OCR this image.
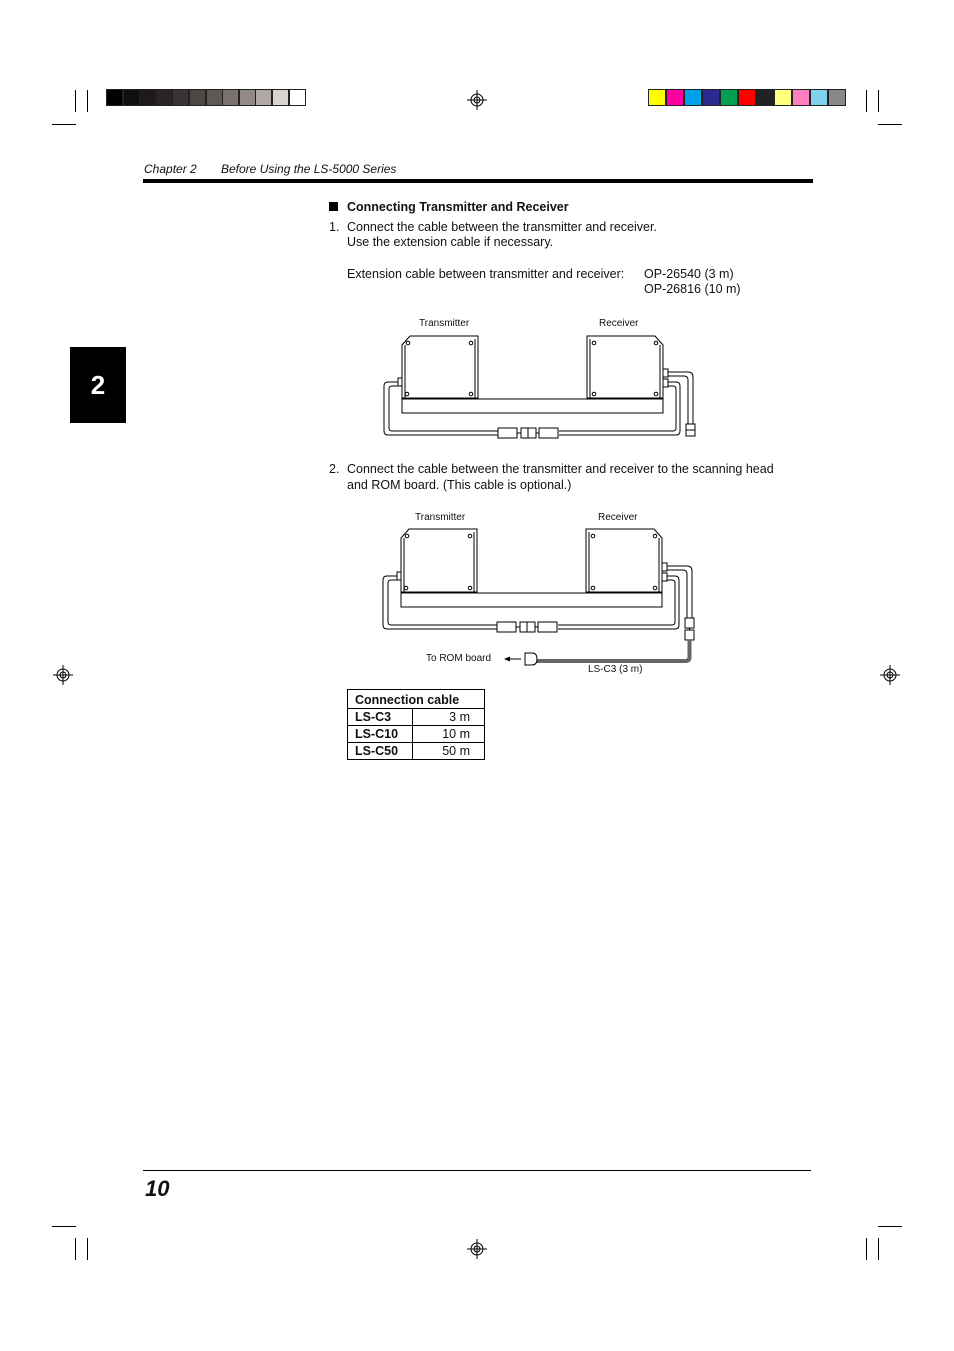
Chapter 2 Before Using the LS-5000 Series
2
Connecting Transmitter and Receiver
1. Connect the cable between the transmitter and receiver.
Use the extension cable if necessary.
Extension cable between transmitter and receiver: OP-26540 (3 m)
OP-26816 (10 m)
Transmitter	Receiver
2. Connect the cable between the transmitter and receiver to the scanning head
and ROM board. (This cable is optional.)
Transmitter	Receiver
To ROM board
LS-C3 (3 m)
Connection cable	
LS-C3	3 m
LS-C10	10 m
LS-C50	50 m
10
